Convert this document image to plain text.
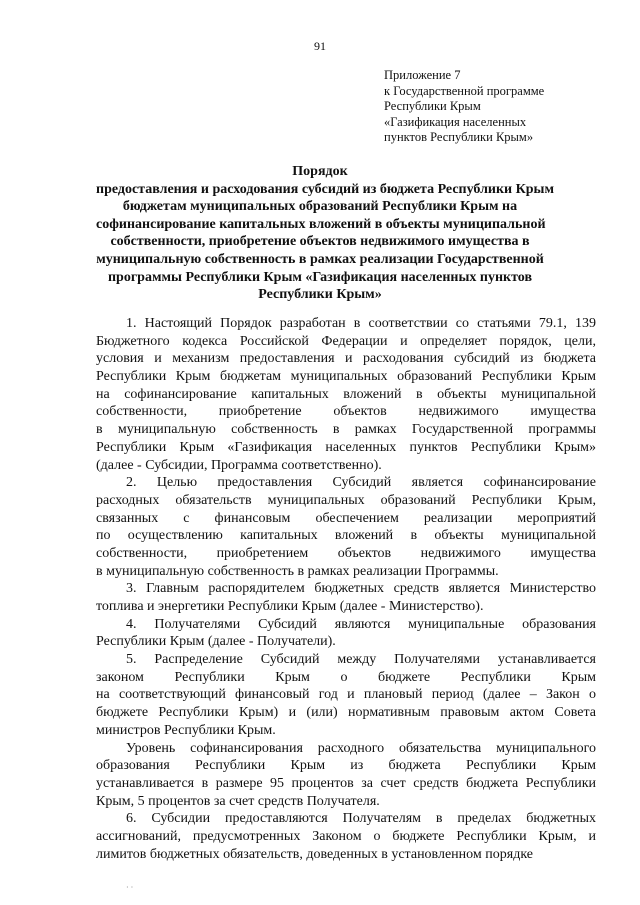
91
Приложение 7
к Государственной программе
Республики Крым
«Газификация населенных
пунктов Республики Крым»
Порядок
предоставления и расходования субсидий из бюджета Республики Крым
бюджетам муниципальных образований Республики Крым на
софинансирование капитальных вложений в объекты муниципальной
собственности, приобретение объектов недвижимого имущества в
муниципальную собственность в рамках реализации Государственной
программы Республики Крым «Газификация населенных пунктов
Республики Крым»
1. Настоящий Порядок разработан в соответствии со статьями 79.1, 139
Бюджетного кодекса Российской Федерации и определяет порядок, цели,
условия и механизм предоставления и расходования субсидий из бюджета
Республики Крым бюджетам муниципальных образований Республики Крым
на софинансирование капитальных вложений в объекты муниципальной
собственности, приобретение объектов недвижимого имущества
в муниципальную собственность в рамках Государственной программы
Республики Крым «Газификация населенных пунктов Республики Крым»
(далее - Субсидии, Программа соответственно).
2. Целью предоставления Субсидий является софинансирование
расходных обязательств муниципальных образований Республики Крым,
связанных с финансовым обеспечением реализации мероприятий
по осуществлению капитальных вложений в объекты муниципальной
собственности, приобретением объектов недвижимого имущества
в муниципальную собственность в рамках реализации Программы.
3. Главным распорядителем бюджетных средств является Министерство
топлива и энергетики Республики Крым (далее - Министерство).
4. Получателями Субсидий являются муниципальные образования
Республики Крым (далее - Получатели).
5. Распределение Субсидий между Получателями устанавливается
законом Республики Крым о бюджете Республики Крым
на соответствующий финансовый год и плановый период (далее – Закон о
бюджете Республики Крым) и (или) нормативным правовым актом Совета
министров Республики Крым.
Уровень софинансирования расходного обязательства муниципального
образования Республики Крым из бюджета Республики Крым
устанавливается в размере 95 процентов за счет средств бюджета Республики
Крым, 5 процентов за счет средств Получателя.
6. Субсидии предоставляются Получателям в пределах бюджетных
ассигнований, предусмотренных Законом о бюджете Республики Крым, и
лимитов бюджетных обязательств, доведенных в установленном порядке
· ·
